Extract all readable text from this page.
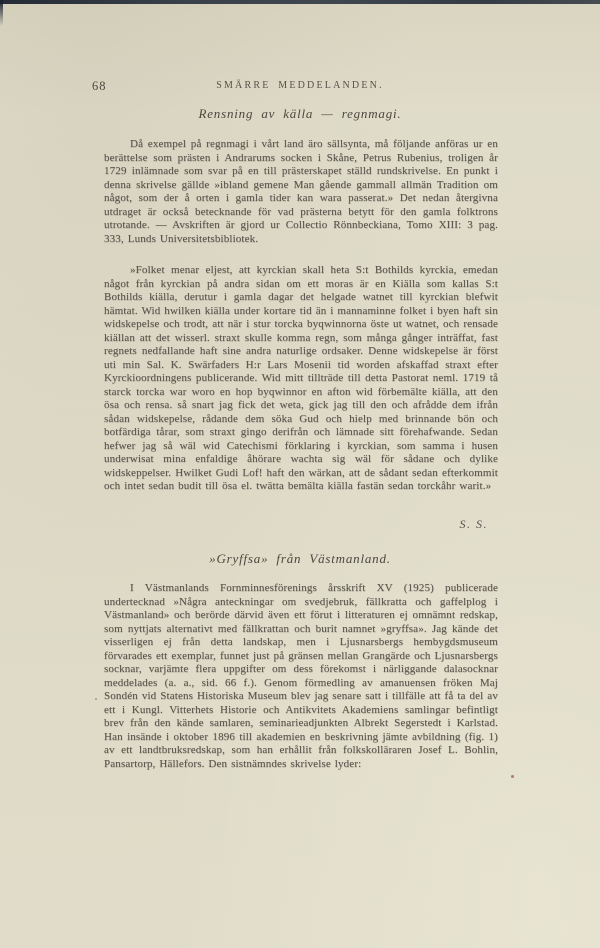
68	SMÄRRE MEDDELANDEN.
Rensning av källa — regnmagi.

Då exempel på regnmagi i vårt land äro sällsynta, må följande anföras ur en berättelse som prästen i Andrarums socken i Skåne, Petrus Rubenius, troligen år 1729 inlämnade som svar på en till prästerskapet ställd rundskrivelse. En punkt i denna skrivelse gällde »ibland gemene Man gående gammall allmän Tradition om något, som der å orten i gamla tider kan wara passerat.» Det nedan återgivna utdraget är också betecknande för vad prästerna betytt för den gamla folktrons utrotande. — Avskriften är gjord ur Collectio Rönnbeckiana, Tomo XIII: 3 pag. 333, Lunds Universitetsbibliotek.

»Folket menar eljest, att kyrckian skall heta S:t Bothilds kyrckia, emedan något från kyrckian på andra sidan om ett moras är en Kiälla som kallas S:t Bothilds kiälla, derutur i gamla dagar det helgade watnet till kyrckian blefwit hämtat. Wid hwilken kiälla under kortare tid än i mannaminne folket i byen haft sin widskepelse och trodt, att när i stur torcka byqwinnorna öste ut watnet, och rensade kiällan att det wisserl. straxt skulle komma regn, som många gånger inträffat, fast regnets nedfallande haft sine andra naturlige ordsaker. Denne widskepelse är först uti min Sal. K. Swärfaders H:r Lars Mosenii tid worden afskaffad straxt efter Kyrckioordningens publicerande. Wid mitt tillträde till detta Pastorat neml. 1719 tå starck torcka war woro en hop byqwinnor en afton wid förbemälte kiälla, att den ösa och rensa. så snart jag fick det weta, gick jag till den och afrådde dem ifrån sådan widskepelse, rådande dem söka Gud och hielp med brinnande bön och botfärdiga tårar, som straxt gingo derifrån och lämnade sitt förehafwande. Sedan hefwer jag så wäl wid Catechismi förklaring i kyrckian, som samma i husen underwisat mina enfaldige åhörare wachta sig wäl för sådane och dylike widskeppelser. Hwilket Gudi Lof! haft den wärkan, att de sådant sedan efterkommit och intet sedan budit till ösa el. twätta bemälta kiälla fastän sedan torckåhr warit.»

S. S.
»Gryffsa» från Västmanland.

I Västmanlands Fornminnesförenings årsskrift XV (1925) publicerade undertecknad »Några anteckningar om svedjebruk, fällkratta och gaffelplog i Västmanland» och berörde därvid även ett förut i litteraturen ej omnämnt redskap, som nyttjats alternativt med fällkrattan och burit namnet »gryffsa». Jag kände det visserligen ej från detta landskap, men i Ljusnarsbergs hembygdsmuseum förvarades ett exemplar, funnet just på gränsen mellan Grangärde och Ljusnarsbergs socknar, varjämte flera uppgifter om dess förekomst i närliggande dalasocknar meddelades (a. a., sid. 66 f.). Genom förmedling av amanuensen fröken Maj Sondén vid Statens Historiska Museum blev jag senare satt i tillfälle att få ta del av ett i Kungl. Vitterhets Historie och Antikvitets Akademiens samlingar befintligt brev från den kände samlaren, seminarieadjunkten Albrekt Segerstedt i Karlstad. Han insände i oktober 1896 till akademien en beskrivning jämte avbildning (fig. 1) av ett landtbruksredskap, som han erhållit från folkskolläraren Josef L. Bohlin, Pansartorp, Hällefors. Den sistnämndes skrivelse lyder:
